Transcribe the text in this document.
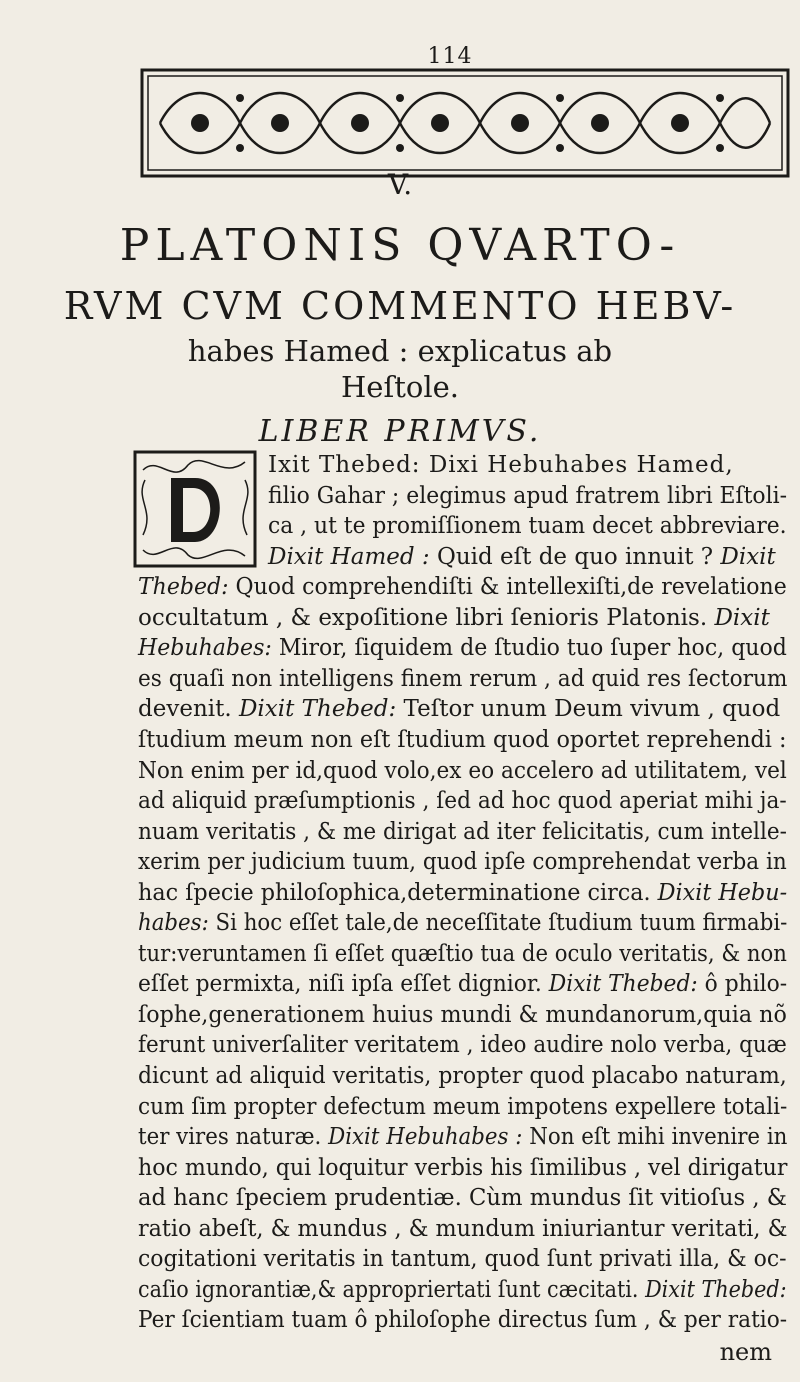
114
V.
PLATONIS QVARTO-
RVM CVM COMMENTO HEBV-
habes Hamed : explicatus ab
Heſtole.
LIBER PRIMVS.
Ixit Thebed: Dixi Hebuhabes Hamed,
filio Gahar ; elegimus apud fratrem libri Eſtoli-
ca , ut te promiſſionem tuam decet abbreviare.
Dixit Hamed : Quid eſt de quo innuit ? Dixit
Thebed: Quod comprehendiſti & intellexiſti,de revelatione
occultatum , & expoſitione libri ſenioris Platonis. Dixit
Hebuhabes: Miror, ſiquidem de ſtudio tuo ſuper hoc, quod
es quaſi non intelligens finem rerum , ad quid res ſectorum
devenit. Dixit Thebed: Teſtor unum Deum vivum , quod
ſtudium meum non eſt ſtudium quod oportet reprehendi :
Non enim per id,quod volo,ex eo accelero ad utilitatem, vel
ad aliquid præſumptionis , ſed ad hoc quod aperiat mihi ja-
nuam veritatis , & me dirigat ad iter felicitatis, cum intelle-
xerim per judicium tuum, quod ipſe comprehendat verba in
hac ſpecie philoſophica,determinatione circa. Dixit Hebu-
habes: Si hoc eſſet tale,de neceſſitate ſtudium tuum firmabi-
tur:veruntamen ſi eſſet quæſtio tua de oculo veritatis, & non
eſſet permixta, niſi ipſa eſſet dignior. Dixit Thebed: ô philo-
ſophe,generationem huius mundi & mundanorum,quia nõ
ferunt univerſaliter veritatem , ideo audire nolo verba, quæ
dicunt ad aliquid veritatis, propter quod placabo naturam,
cum ſim propter defectum meum impotens expellere totali-
ter vires naturæ. Dixit Hebuhabes : Non eſt mihi invenire in
hoc mundo, qui loquitur verbis his ſimilibus , vel dirigatur
ad hanc ſpeciem prudentiæ. Cùm mundus ſit vitioſus , &
ratio abeſt, & mundus , & mundum iniuriantur veritati, &
cogitationi veritatis in tantum, quod ſunt privati illa, & oc-
caſio ignorantiæ,& appropriertati ſunt cæcitati. Dixit Thebed:
Per ſcientiam tuam ô philoſophe directus ſum , & per ratio-
nem
